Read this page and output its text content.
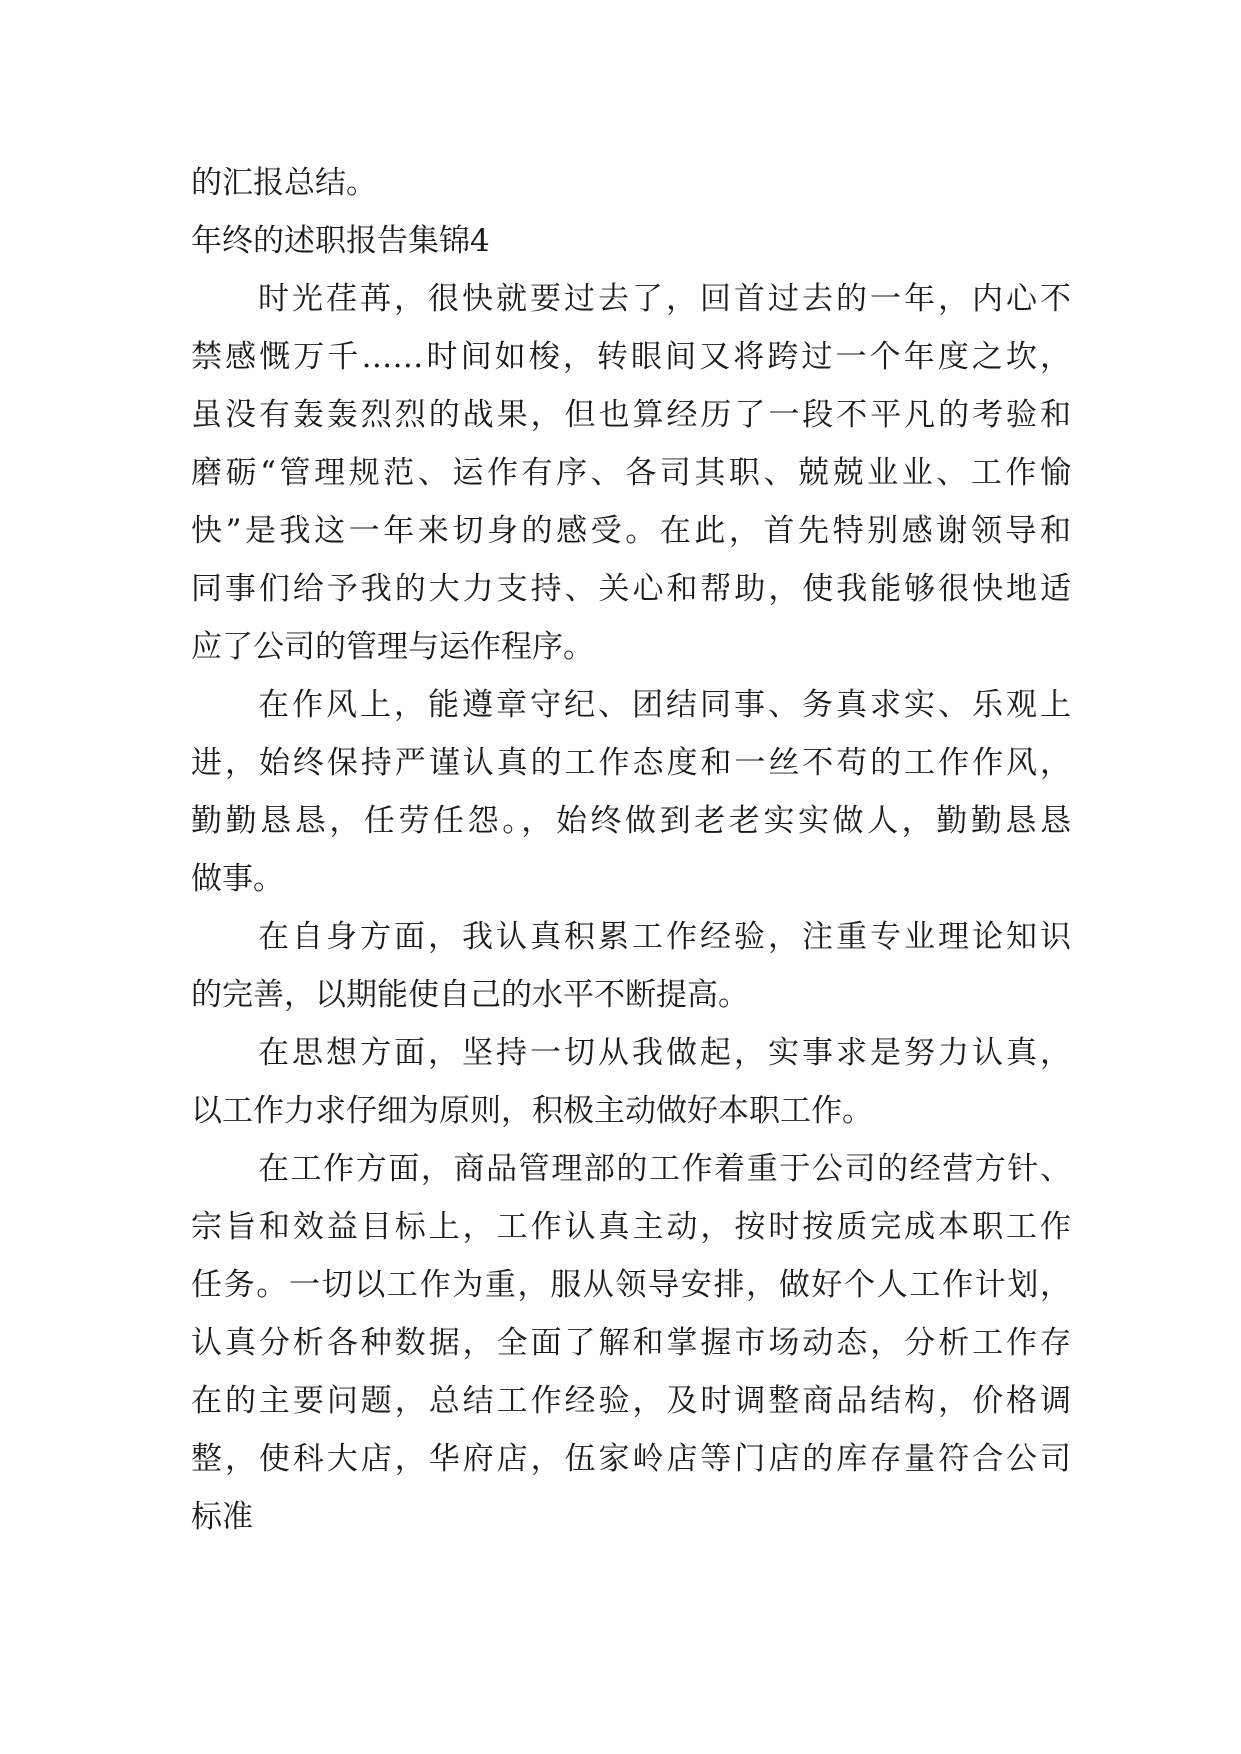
的汇报总结。
年终的述职报告集锦4
时光荏苒，很快就要过去了，回首过去的一年，内心不
禁感慨万千……时间如梭，转眼间又将跨过一个年度之坎，
虽没有轰轰烈烈的战果，但也算经历了一段不平凡的考验和
磨砺“管理规范、运作有序、各司其职、兢兢业业、工作愉
快”是我这一年来切身的感受。在此，首先特别感谢领导和
同事们给予我的大力支持、关心和帮助，使我能够很快地适
应了公司的管理与运作程序。
在作风上，能遵章守纪、团结同事、务真求实、乐观上
进，始终保持严谨认真的工作态度和一丝不苟的工作作风，
勤勤恳恳，任劳任怨。，始终做到老老实实做人，勤勤恳恳
做事。
在自身方面，我认真积累工作经验，注重专业理论知识
的完善，以期能使自己的水平不断提高。
在思想方面，坚持一切从我做起，实事求是努力认真，
以工作力求仔细为原则，积极主动做好本职工作。
在工作方面，商品管理部的工作着重于公司的经营方针、
宗旨和效益目标上，工作认真主动，按时按质完成本职工作
任务。一切以工作为重，服从领导安排，做好个人工作计划，
认真分析各种数据，全面了解和掌握市场动态，分析工作存
在的主要问题，总结工作经验，及时调整商品结构，价格调
整，使科大店，华府店，伍家岭店等门店的库存量符合公司
标准
